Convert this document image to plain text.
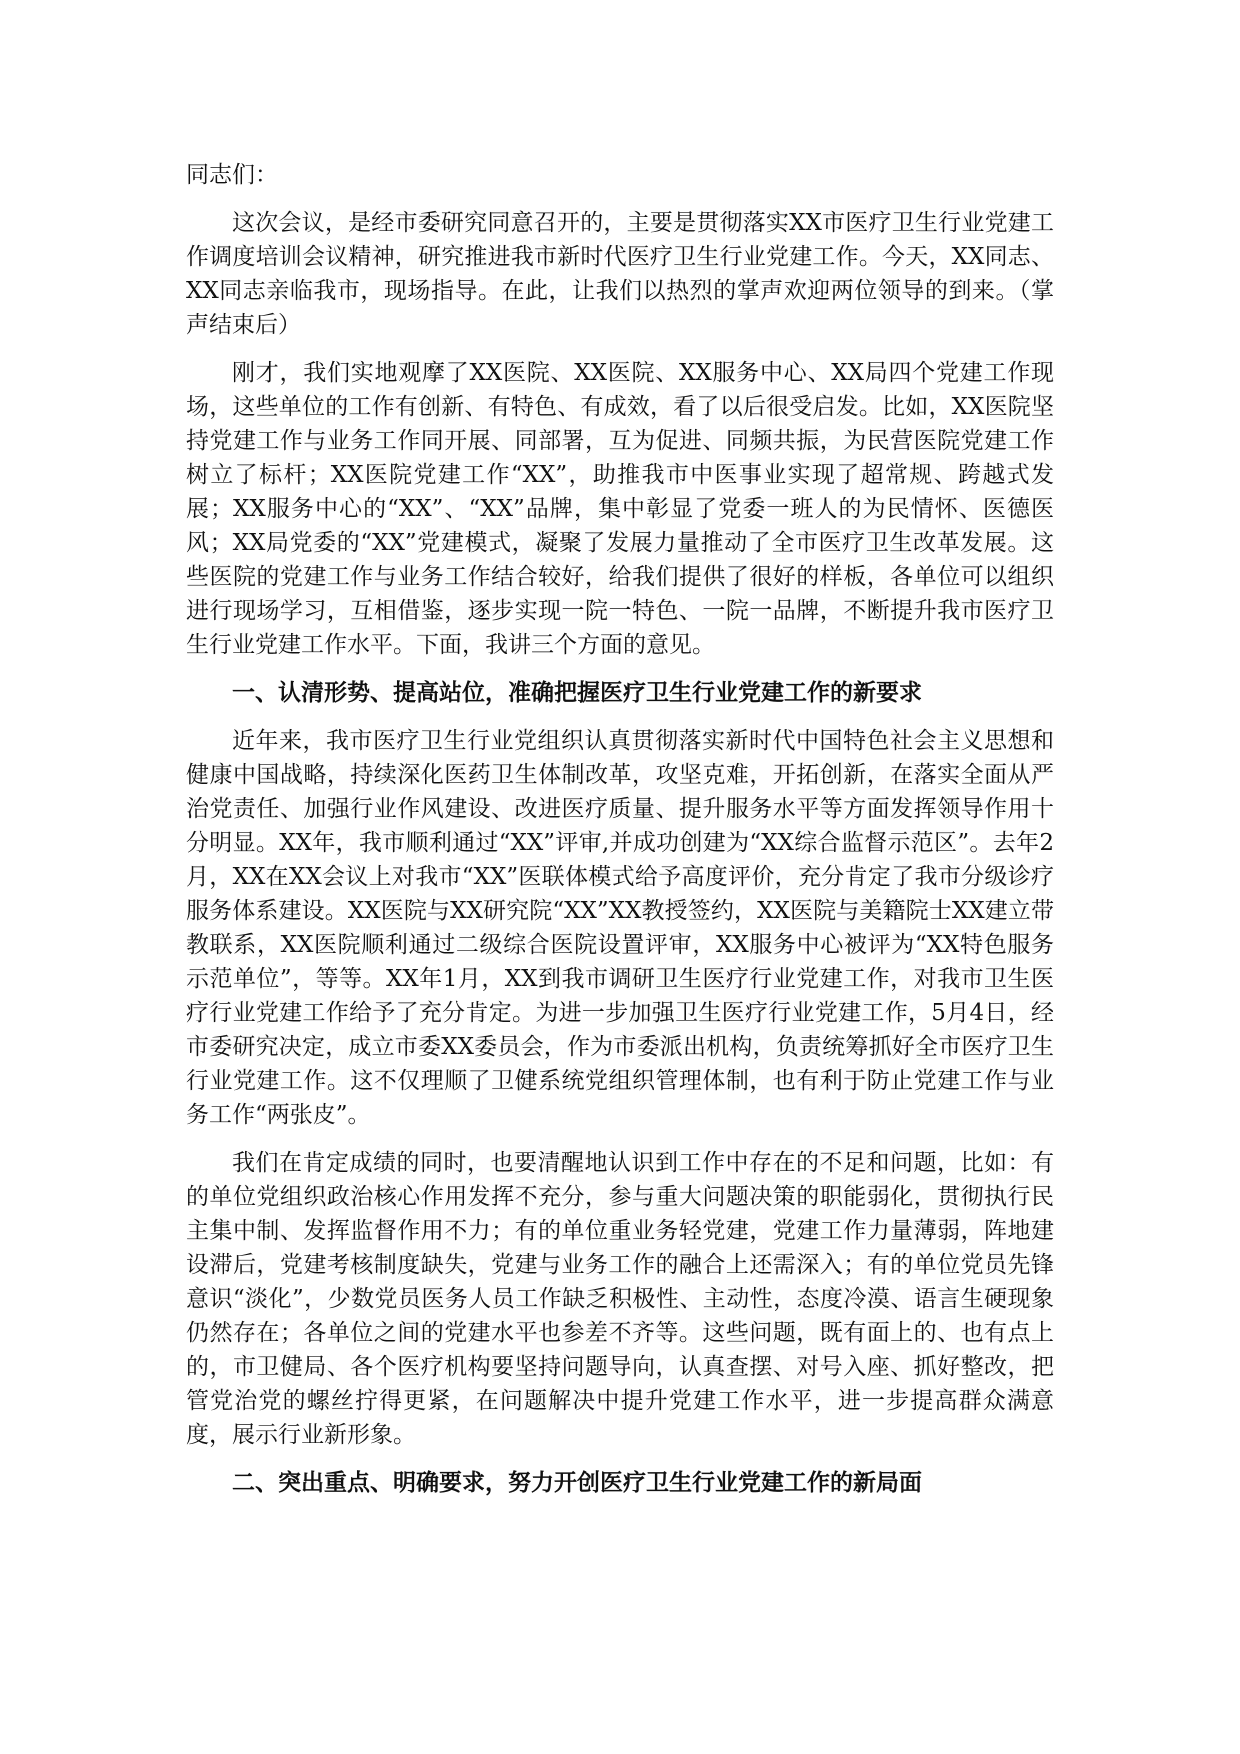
同志们：

这次会议，是经市委研究同意召开的，主要是贯彻落实XX市医疗卫生行业党建工作调度培训会议精神，研究推进我市新时代医疗卫生行业党建工作。今天，XX同志、XX同志亲临我市，现场指导。在此，让我们以热烈的掌声欢迎两位领导的到来。（掌声结束后）

刚才，我们实地观摩了XX医院、XX医院、XX服务中心、XX局四个党建工作现场，这些单位的工作有创新、有特色、有成效，看了以后很受启发。比如，XX医院坚持党建工作与业务工作同开展、同部署，互为促进、同频共振，为民营医院党建工作树立了标杆；XX医院党建工作“XX”，助推我市中医事业实现了超常规、跨越式发展；XX服务中心的“XX”、“XX”品牌，集中彰显了党委一班人的为民情怀、医德医风；XX局党委的“XX”党建模式，凝聚了发展力量推动了全市医疗卫生改革发展。这些医院的党建工作与业务工作结合较好，给我们提供了很好的样板，各单位可以组织进行现场学习，互相借鉴，逐步实现一院一特色、一院一品牌，不断提升我市医疗卫生行业党建工作水平。下面，我讲三个方面的意见。

一、认清形势、提高站位，准确把握医疗卫生行业党建工作的新要求

近年来，我市医疗卫生行业党组织认真贯彻落实新时代中国特色社会主义思想和健康中国战略，持续深化医药卫生体制改革，攻坚克难，开拓创新，在落实全面从严治党责任、加强行业作风建设、改进医疗质量、提升服务水平等方面发挥领导作用十分明显。XX年，我市顺利通过“XX”评审,并成功创建为“XX综合监督示范区”。去年2月，XX在XX会议上对我市“XX”医联体模式给予高度评价，充分肯定了我市分级诊疗服务体系建设。XX医院与XX研究院“XX”XX教授签约，XX医院与美籍院士XX建立带教联系，XX医院顺利通过二级综合医院设置评审，XX服务中心被评为“XX特色服务示范单位”，等等。XX年1月，XX到我市调研卫生医疗行业党建工作，对我市卫生医疗行业党建工作给予了充分肯定。为进一步加强卫生医疗行业党建工作，5月4日，经市委研究决定，成立市委XX委员会，作为市委派出机构，负责统筹抓好全市医疗卫生行业党建工作。这不仅理顺了卫健系统党组织管理体制，也有利于防止党建工作与业务工作“两张皮”。

我们在肯定成绩的同时，也要清醒地认识到工作中存在的不足和问题，比如：有的单位党组织政治核心作用发挥不充分，参与重大问题决策的职能弱化，贯彻执行民主集中制、发挥监督作用不力；有的单位重业务轻党建，党建工作力量薄弱，阵地建设滞后，党建考核制度缺失，党建与业务工作的融合上还需深入；有的单位党员先锋意识“淡化”，少数党员医务人员工作缺乏积极性、主动性，态度冷漠、语言生硬现象仍然存在；各单位之间的党建水平也参差不齐等。这些问题，既有面上的、也有点上的，市卫健局、各个医疗机构要坚持问题导向，认真查摆、对号入座、抓好整改，把管党治党的螺丝拧得更紧，在问题解决中提升党建工作水平，进一步提高群众满意度，展示行业新形象。

二、突出重点、明确要求，努力开创医疗卫生行业党建工作的新局面
